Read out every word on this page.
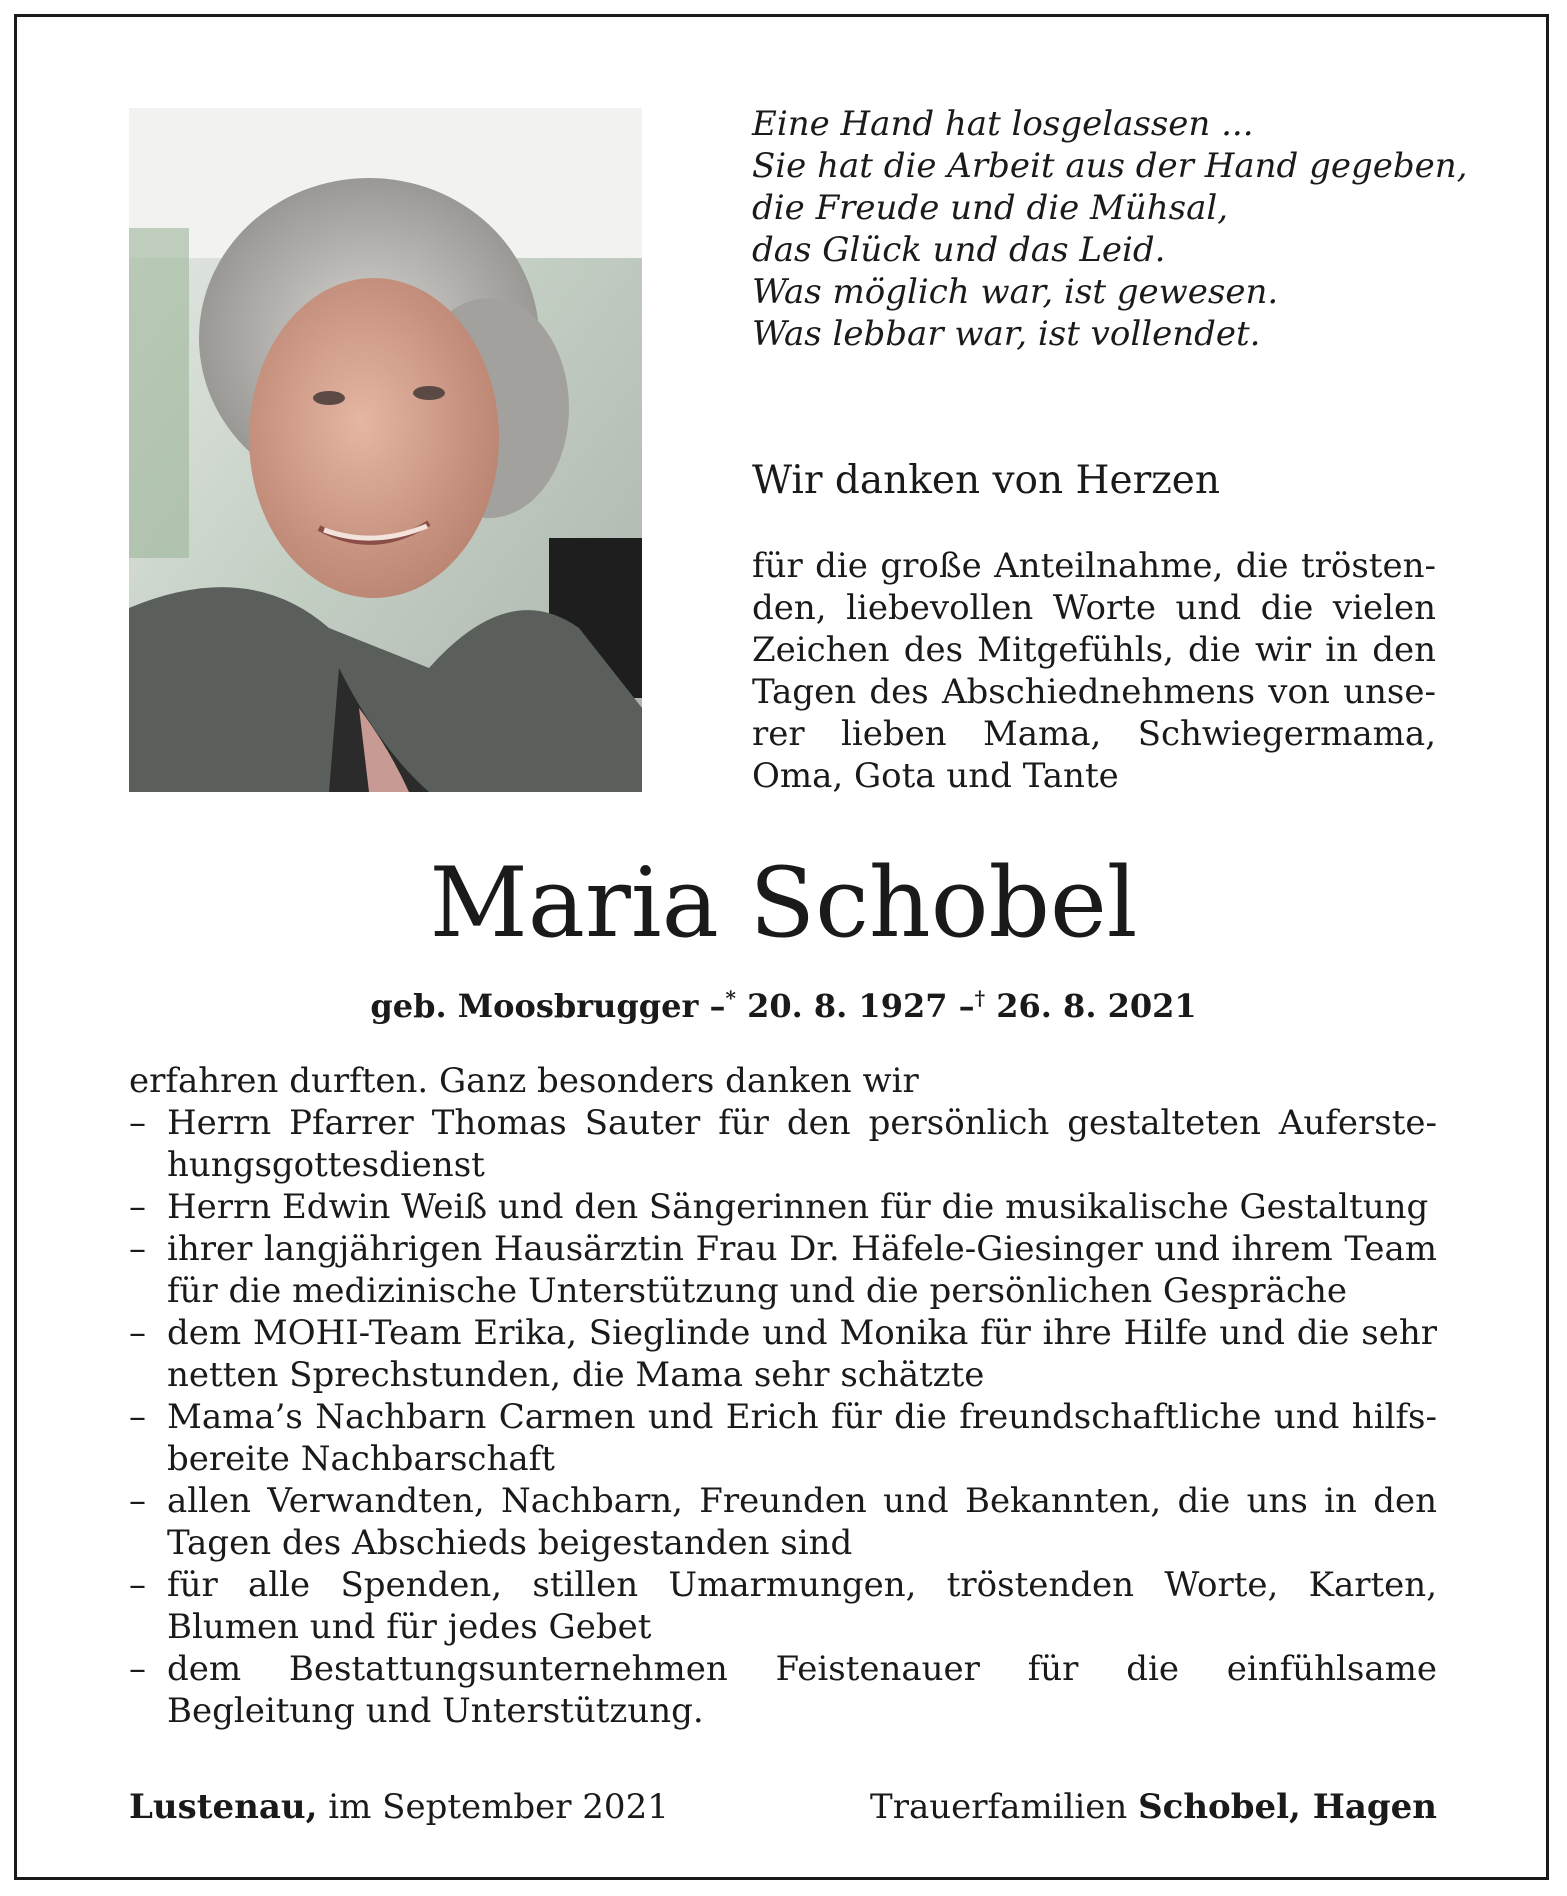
Eine Hand hat losgelassen ...
Sie hat die Arbeit aus der Hand gegeben,
die Freude und die Mühsal,
das Glück und das Leid.
Was möglich war, ist gewesen.
Was lebbar war, ist vollendet.
Wir danken von Herzen
für die große Anteilnahme, die tröstenden, liebevollen Worte und die vielen Zeichen des Mitgefühls, die wir in den Tagen des Abschiednehmens von unserer lieben Mama, Schwiegermama, Oma, Gota und Tante
Maria Schobel
geb. Moosbrugger –* 20. 8. 1927 –† 26. 8. 2021
erfahren durften. Ganz besonders danken wir
– Herrn Pfarrer Thomas Sauter für den persönlich gestalteten Auferstehungsgottesdienst
– Herrn Edwin Weiß und den Sängerinnen für die musikalische Gestaltung
– ihrer langjährigen Hausärztin Frau Dr. Häfele-Giesinger und ihrem Team für die medizinische Unterstützung und die persönlichen Gespräche
– dem MOHI-Team Erika, Sieglinde und Monika für ihre Hilfe und die sehr netten Sprechstunden, die Mama sehr schätzte
– Mama’s Nachbarn Carmen und Erich für die freundschaftliche und hilfsbereite Nachbarschaft
– allen Verwandten, Nachbarn, Freunden und Bekannten, die uns in den Tagen des Abschieds beigestanden sind
– für alle Spenden, stillen Umarmungen, tröstenden Worte, Karten, Blumen und für jedes Gebet
– dem Bestattungsunternehmen Feistenauer für die einfühlsame Begleitung und Unterstützung.
Lustenau, im September 2021	Trauerfamilien Schobel, Hagen
